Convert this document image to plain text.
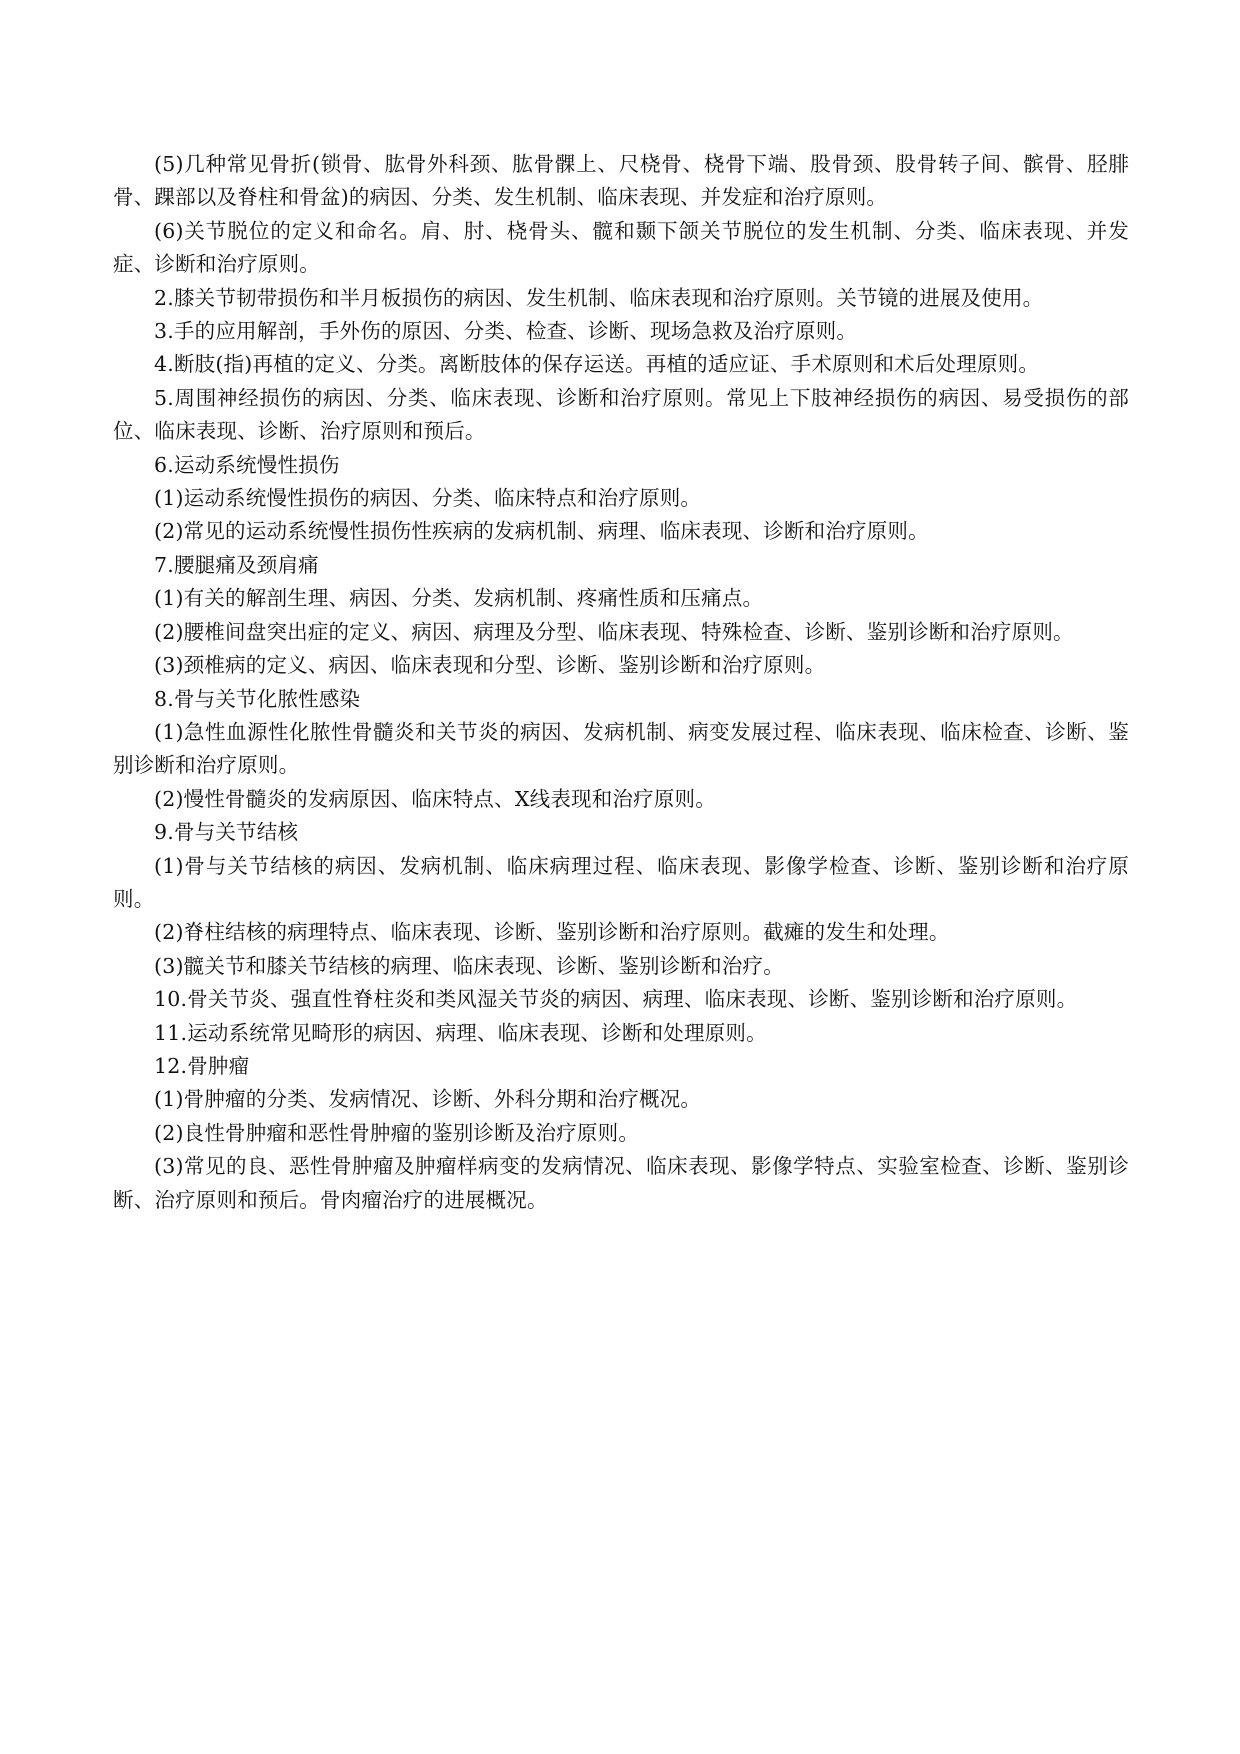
(5)几种常见骨折(锁骨、肱骨外科颈、肱骨髁上、尺桡骨、桡骨下端、股骨颈、股骨转子间、髌骨、胫腓骨、踝部以及脊柱和骨盆)的病因、分类、发生机制、临床表现、并发症和治疗原则。

(6)关节脱位的定义和命名。肩、肘、桡骨头、髋和颞下颌关节脱位的发生机制、分类、临床表现、并发症、诊断和治疗原则。

2.膝关节韧带损伤和半月板损伤的病因、发生机制、临床表现和治疗原则。关节镜的进展及使用。

3.手的应用解剖，手外伤的原因、分类、检查、诊断、现场急救及治疗原则。

4.断肢(指)再植的定义、分类。离断肢体的保存运送。再植的适应证、手术原则和术后处理原则。

5.周围神经损伤的病因、分类、临床表现、诊断和治疗原则。常见上下肢神经损伤的病因、易受损伤的部位、临床表现、诊断、治疗原则和预后。

6.运动系统慢性损伤

(1)运动系统慢性损伤的病因、分类、临床特点和治疗原则。

(2)常见的运动系统慢性损伤性疾病的发病机制、病理、临床表现、诊断和治疗原则。

7.腰腿痛及颈肩痛

(1)有关的解剖生理、病因、分类、发病机制、疼痛性质和压痛点。

(2)腰椎间盘突出症的定义、病因、病理及分型、临床表现、特殊检查、诊断、鉴别诊断和治疗原则。

(3)颈椎病的定义、病因、临床表现和分型、诊断、鉴别诊断和治疗原则。

8.骨与关节化脓性感染

(1)急性血源性化脓性骨髓炎和关节炎的病因、发病机制、病变发展过程、临床表现、临床检查、诊断、鉴别诊断和治疗原则。

(2)慢性骨髓炎的发病原因、临床特点、X线表现和治疗原则。

9.骨与关节结核

(1)骨与关节结核的病因、发病机制、临床病理过程、临床表现、影像学检查、诊断、鉴别诊断和治疗原则。

(2)脊柱结核的病理特点、临床表现、诊断、鉴别诊断和治疗原则。截瘫的发生和处理。

(3)髋关节和膝关节结核的病理、临床表现、诊断、鉴别诊断和治疗。

10.骨关节炎、强直性脊柱炎和类风湿关节炎的病因、病理、临床表现、诊断、鉴别诊断和治疗原则。

11.运动系统常见畸形的病因、病理、临床表现、诊断和处理原则。

12.骨肿瘤

(1)骨肿瘤的分类、发病情况、诊断、外科分期和治疗概况。

(2)良性骨肿瘤和恶性骨肿瘤的鉴别诊断及治疗原则。

(3)常见的良、恶性骨肿瘤及肿瘤样病变的发病情况、临床表现、影像学特点、实验室检查、诊断、鉴别诊断、治疗原则和预后。骨肉瘤治疗的进展概况。
